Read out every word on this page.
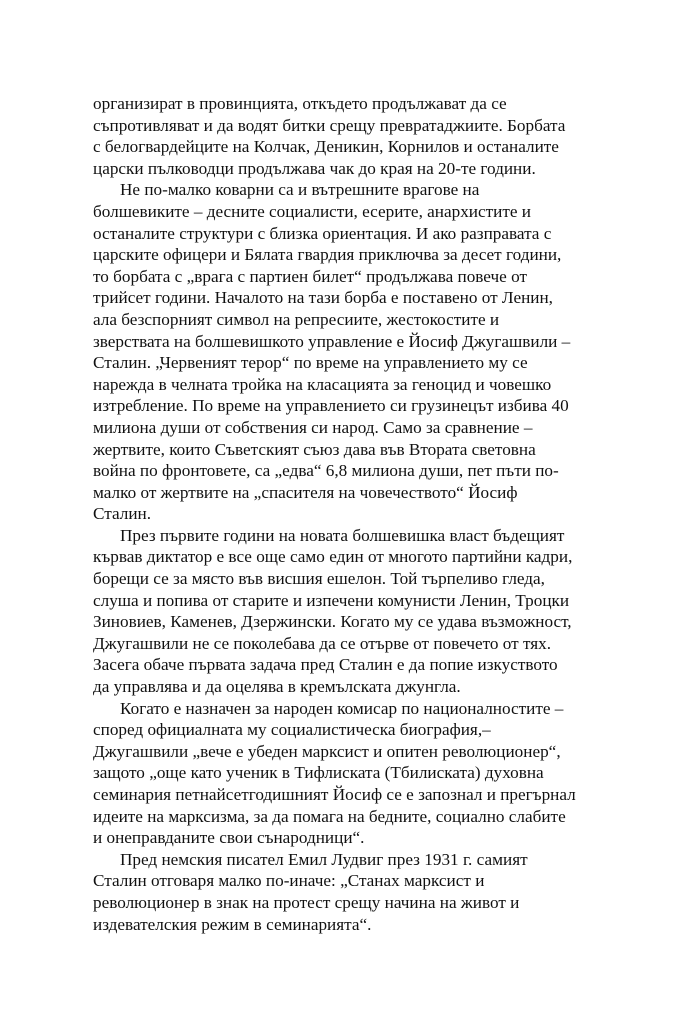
организират в провинцията, откъдето продължават да се
съпротивляват и да водят битки срещу превратаджиите. Борбата
с белогвардейците на Колчак, Деникин, Корнилов и останалите
царски пълководци продължава чак до края на 20-те години.

Не по-малко коварни са и вътрешните врагове на
болшевиките – десните социалисти, есерите, анархистите и
останалите структури с близка ориентация. И ако разправата с
царските офицери и Бялата гвардия приключва за десет години,
то борбата с „врага с партиен билет“ продължава повече от
трийсет години. Началото на тази борба е поставено от Ленин,
ала безспорният символ на репресиите, жестокостите и
зверствата на болшевишкото управление е Йосиф Джугашвили –
Сталин. „Червеният терор“ по време на управлението му се
нарежда в челната тройка на класацията за геноцид и човешко
изтребление. По време на управлението си грузинецът избива 40
милиона души от собствения си народ. Само за сравнение –
жертвите, които Съветският съюз дава във Втората световна
война по фронтовете, са „едва“ 6,8 милиона души, пет пъти по-
малко от жертвите на „спасителя на човечеството“ Йосиф
Сталин.

През първите години на новата болшевишка власт бъдещият
кървав диктатор е все още само един от многото партийни кадри,
борещи се за място във висшия ешелон. Той търпеливо гледа,
слуша и попива от старите и изпечени комунисти Ленин, Троцки
Зиновиев, Каменев, Дзержински. Когато му се удава възможност,
Джугашвили не се поколебава да се отърве от повечето от тях.
Засега обаче първата задача пред Сталин е да попие изкуството
да управлява и да оцелява в кремълската джунгла.

Когато е назначен за народен комисар по националностите –
според официалната му социалистическа биография,–
Джугашвили „вече е убеден марксист и опитен революционер“,
защото „още като ученик в Тифлиската (Тбилиската) духовна
семинария петнайсетгодишният Йосиф се е запознал и прегърнал
идеите на марксизма, за да помага на бедните, социално слабите
и онеправданите свои сънародници“.

Пред немския писател Емил Лудвиг през 1931 г. самият
Сталин отговаря малко по-иначе: „Станах марксист и
революционер в знак на протест срещу начина на живот и
издевателския режим в семинарията“.
